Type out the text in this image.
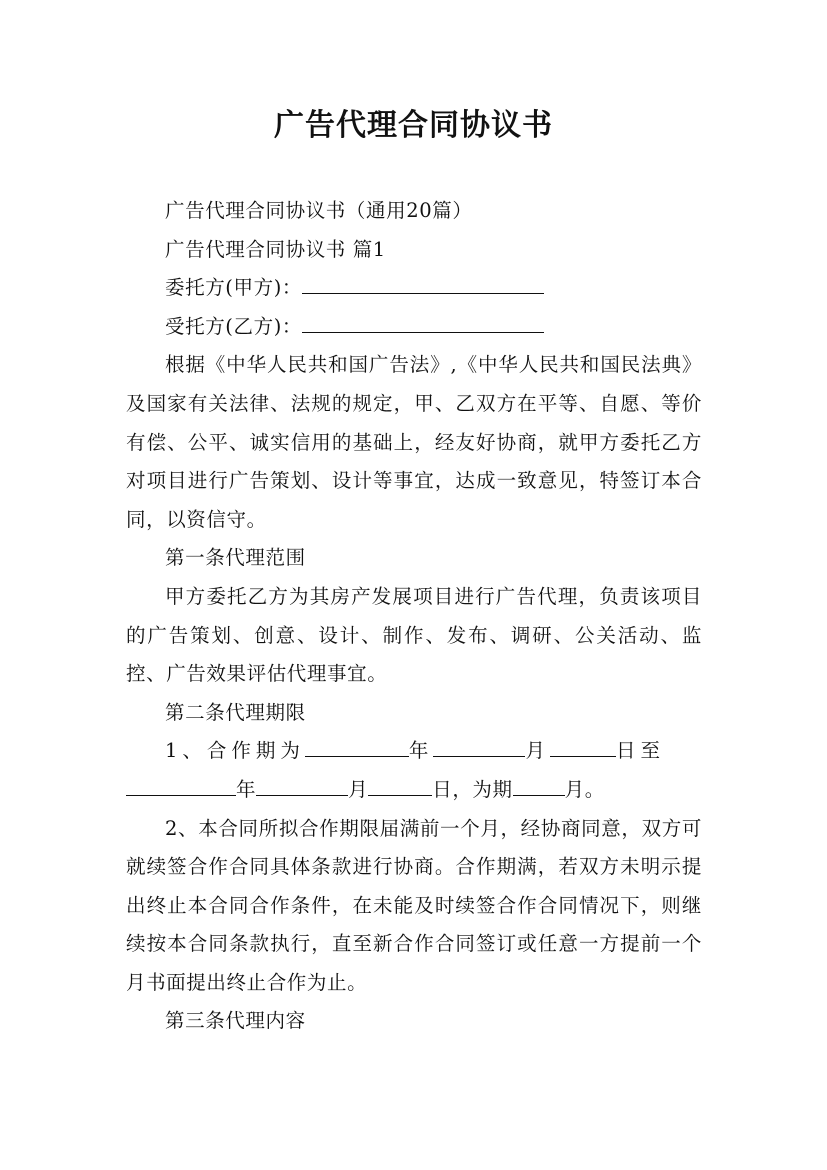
广告代理合同协议书

广告代理合同协议书（通用20篇）

广告代理合同协议书 篇1

委托方(甲方)：

受托方(乙方)：

根据《中华人民共和国广告法》,《中华人民共和国民法典》及国家有关法律、法规的规定，甲、乙双方在平等、自愿、等价有偿、公平、诚实信用的基础上，经友好协商，就甲方委托乙方对项目进行广告策划、设计等事宜，达成一致意见，特签订本合同，以资信守。

第一条代理范围

甲方委托乙方为其房产发展项目进行广告代理，负责该项目的广告策划、创意、设计、制作、发布、调研、公关活动、监控、广告效果评估代理事宜。

第二条代理期限

1、合作期为	年	月	日至

年	月	日，为期	月。

2、本合同所拟合作期限届满前一个月，经协商同意，双方可就续签合作合同具体条款进行协商。合作期满，若双方未明示提出终止本合同合作条件，在未能及时续签合作合同情况下，则继续按本合同条款执行，直至新合作合同签订或任意一方提前一个月书面提出终止合作为止。

第三条代理内容
